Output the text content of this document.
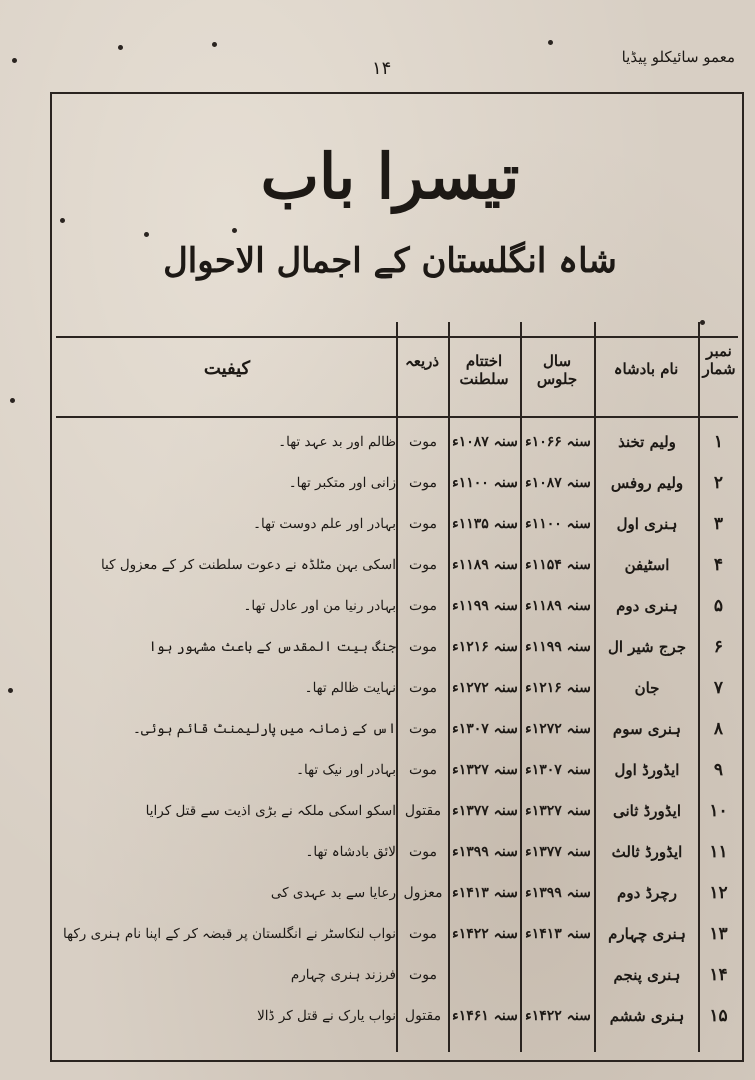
معمو سائیکلو پیڈیا
۱۴
تیسرا باب
شاہ انگلستان کے اجمال الاحوال
نمبر شمار
نام بادشاہ
سال جلوس
اختتام سلطنت
ذریعہ
کیفیت
۱
ولیم تخنذ
سنہ ۱۰۶۶ء
سنہ ۱۰۸۷ء
موت
ظالم اور بد عہد تھا۔
۲
ولیم روفس
سنہ ۱۰۸۷ء
سنہ ۱۱۰۰ء
موت
زانی اور متکبر تھا۔
۳
ہنری اول
سنہ ۱۱۰۰ء
سنہ ۱۱۳۵ء
موت
بہادر اور علم دوست تھا۔
۴
اسٹیفن
سنہ ۱۱۵۴ء
سنہ ۱۱۸۹ء
موت
اسکی بہن مٹلڈہ نے دعوت سلطنت کر کے معزول کیا
۵
ہنری دوم
سنہ ۱۱۸۹ء
سنہ ۱۱۹۹ء
موت
بہادر رنیا من اور عادل تھا۔
۶
جرج شیر ال
سنہ ۱۱۹۹ء
سنہ ۱۲۱۶ء
موت
جنگ بیت المقدس کے باعث مشہور ہوا
۷
جان
سنہ ۱۲۱۶ء
سنہ ۱۲۷۲ء
موت
نہایت ظالم تھا۔
۸
ہنری سوم
سنہ ۱۲۷۲ء
سنہ ۱۳۰۷ء
موت
اس کے زمانہ میں پارلیمنٹ قائم ہوئی۔
۹
ایڈورڈ اول
سنہ ۱۳۰۷ء
سنہ ۱۳۲۷ء
موت
بہادر اور نیک تھا۔
۱۰
ایڈورڈ ثانی
سنہ ۱۳۲۷ء
سنہ ۱۳۷۷ء
مقتول
اسکو اسکی ملکہ نے بڑی اذیت سے قتل کرایا
۱۱
ایڈورڈ ثالث
سنہ ۱۳۷۷ء
سنہ ۱۳۹۹ء
موت
لائق بادشاہ تھا۔
۱۲
رچرڈ دوم
سنہ ۱۳۹۹ء
سنہ ۱۴۱۳ء
معزول
رعایا سے بد عہدی کی
۱۳
ہنری چہارم
سنہ ۱۴۱۳ء
سنہ ۱۴۲۲ء
موت
نواب لنکاسٹر نے انگلستان پر قبضہ کر کے اپنا نام ہنری رکھا
۱۴
ہنری پنجم
موت
فرزند ہنری چہارم
۱۵
ہنری ششم
سنہ ۱۴۲۲ء
سنہ ۱۴۶۱ء
مقتول
نواب یارک نے قتل کر ڈالا
